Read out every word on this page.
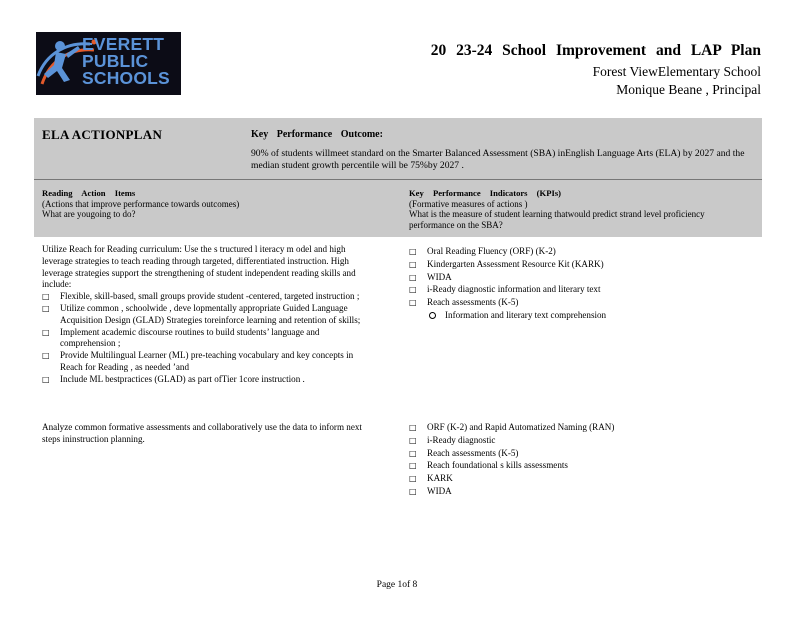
EVERETT
PUBLIC
SCHOOLS
20 23-24 School Improvement and LAP Plan
Forest ViewElementary School
Monique Beane , Principal
ELA ACTIONPLAN	Key Performance Outcome:
90% of students willmeet standard on the Smarter Balanced Assessment (SBA) inEnglish Language Arts (ELA) by 2027 and the median student growth percentile will be 75%by 2027 .
Reading Action Items
(Actions that improve performance towards outcomes)
What are yougoing to do?
Key Performance Indicators (KPIs)
(Formative measures of actions )
What is the measure of student learning thatwould predict strand level proficiency performance on the SBA?
Utilize Reach for Reading curriculum: Use the s tructured l iteracy m odel and high leverage strategies to teach reading through targeted, differentiated instruction. High leverage strategies support the strengthening of student independent reading skills and include:
□ Flexible, skill-based, small groups provide student -centered, targeted instruction ;
□ Utilize common , schoolwide , deve lopmentally appropriate Guided Language Acquisition Design (GLAD) Strategies toreinforce learning and retention of skills;
□ Implement academic discourse routines to build students’ language and comprehension ;
□ Provide Multilingual Learner (ML) pre-teaching vocabulary and key concepts in Reach for Reading , as needed ’and
□ Include ML bestpractices (GLAD) as part ofTier 1core instruction .
□ Oral Reading Fluency (ORF) (K-2)
□ Kindergarten Assessment Resource Kit (KARK)
□ WIDA
□ i-Ready diagnostic information and literary text
□ Reach assessments (K-5)
Information and literary text comprehension
Analyze common formative assessments and collaboratively use the data to inform next steps ininstruction planning.
□ ORF (K-2) and Rapid Automatized Naming (RAN)
□ i-Ready diagnostic
□ Reach assessments (K-5)
□ Reach foundational s kills assessments
□ KARK
□ WIDA
Page 1of 8
